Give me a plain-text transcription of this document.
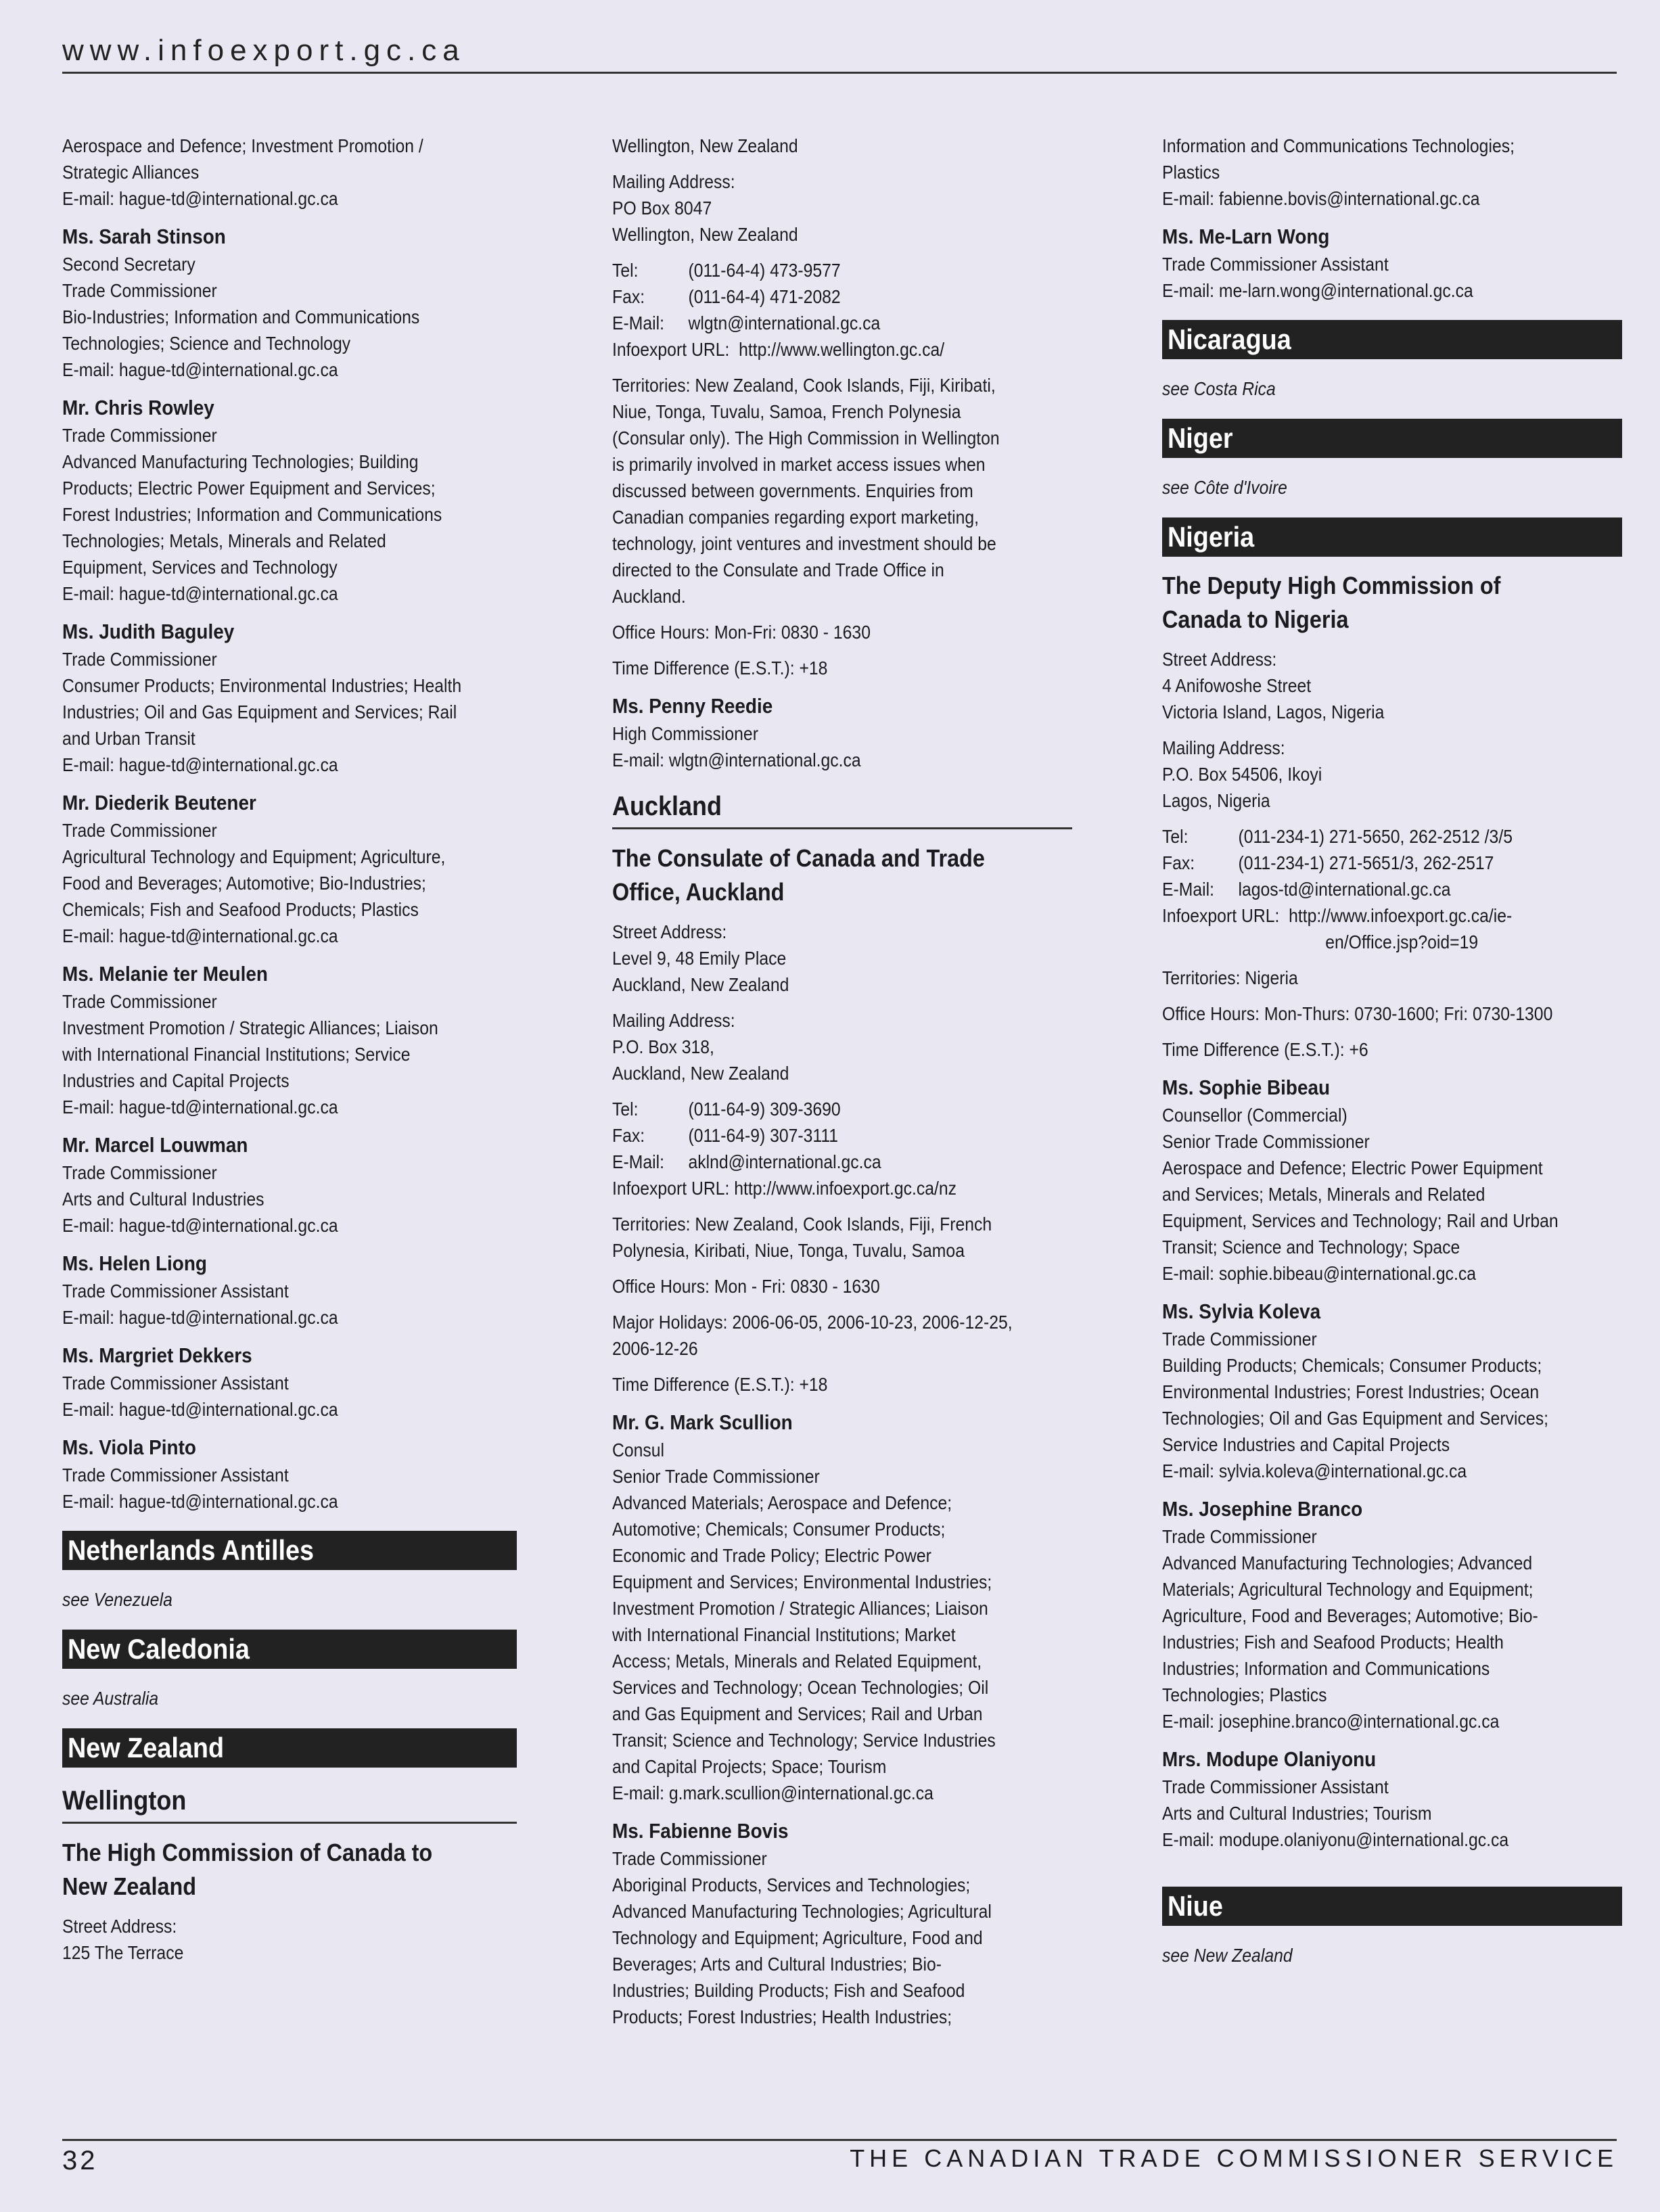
www.infoexport.gc.ca
Aerospace and Defence; Investment Promotion /
Strategic Alliances
E-mail: hague-td@international.gc.ca
Ms. Sarah Stinson
Second Secretary
Trade Commissioner
Bio-Industries; Information and Communications
Technologies; Science and Technology
E-mail: hague-td@international.gc.ca
Mr. Chris Rowley
Trade Commissioner
Advanced Manufacturing Technologies; Building
Products; Electric Power Equipment and Services;
Forest Industries; Information and Communications
Technologies; Metals, Minerals and Related
Equipment, Services and Technology
E-mail: hague-td@international.gc.ca
Ms. Judith Baguley
Trade Commissioner
Consumer Products; Environmental Industries; Health
Industries; Oil and Gas Equipment and Services; Rail
and Urban Transit
E-mail: hague-td@international.gc.ca
Mr. Diederik Beutener
Trade Commissioner
Agricultural Technology and Equipment; Agriculture,
Food and Beverages; Automotive; Bio-Industries;
Chemicals; Fish and Seafood Products; Plastics
E-mail: hague-td@international.gc.ca
Ms. Melanie ter Meulen
Trade Commissioner
Investment Promotion / Strategic Alliances; Liaison
with International Financial Institutions; Service
Industries and Capital Projects
E-mail: hague-td@international.gc.ca
Mr. Marcel Louwman
Trade Commissioner
Arts and Cultural Industries
E-mail: hague-td@international.gc.ca
Ms. Helen Liong
Trade Commissioner Assistant
E-mail: hague-td@international.gc.ca
Ms. Margriet Dekkers
Trade Commissioner Assistant
E-mail: hague-td@international.gc.ca
Ms. Viola Pinto
Trade Commissioner Assistant
E-mail: hague-td@international.gc.ca
Netherlands Antilles
see Venezuela
New Caledonia
see Australia
New Zealand
Wellington
The High Commission of Canada to
New Zealand
Street Address:
125 The Terrace
Wellington, New Zealand
Mailing Address:
PO Box 8047
Wellington, New Zealand
Tel:	(011-64-4) 473-9577
Fax: (011-64-4) 471-2082
E-Mail: wlgtn@international.gc.ca
Infoexport URL: http://www.wellington.gc.ca/
Territories: New Zealand, Cook Islands, Fiji, Kiribati,
Niue, Tonga, Tuvalu, Samoa, French Polynesia
(Consular only). The High Commission in Wellington
is primarily involved in market access issues when
discussed between governments. Enquiries from
Canadian companies regarding export marketing,
technology, joint ventures and investment should be
directed to the Consulate and Trade Office in
Auckland.
Office Hours: Mon-Fri: 0830 - 1630
Time Difference (E.S.T.): +18
Ms. Penny Reedie
High Commissioner
E-mail: wlgtn@international.gc.ca
Auckland
The Consulate of Canada and Trade
Office, Auckland
Street Address:
Level 9, 48 Emily Place
Auckland, New Zealand
Mailing Address:
P.O. Box 318,
Auckland, New Zealand
Tel:	(011-64-9) 309-3690
Fax: (011-64-9) 307-3111
E-Mail: aklnd@international.gc.ca
Infoexport URL: http://www.infoexport.gc.ca/nz
Territories: New Zealand, Cook Islands, Fiji, French
Polynesia, Kiribati, Niue, Tonga, Tuvalu, Samoa
Office Hours: Mon - Fri: 0830 - 1630
Major Holidays: 2006-06-05, 2006-10-23, 2006-12-25,
2006-12-26
Time Difference (E.S.T.): +18
Mr. G. Mark Scullion
Consul
Senior Trade Commissioner
Advanced Materials; Aerospace and Defence;
Automotive; Chemicals; Consumer Products;
Economic and Trade Policy; Electric Power
Equipment and Services; Environmental Industries;
Investment Promotion / Strategic Alliances; Liaison
with International Financial Institutions; Market
Access; Metals, Minerals and Related Equipment,
Services and Technology; Ocean Technologies; Oil
and Gas Equipment and Services; Rail and Urban
Transit; Science and Technology; Service Industries
and Capital Projects; Space; Tourism
E-mail: g.mark.scullion@international.gc.ca
Ms. Fabienne Bovis
Trade Commissioner
Aboriginal Products, Services and Technologies;
Advanced Manufacturing Technologies; Agricultural
Technology and Equipment; Agriculture, Food and
Beverages; Arts and Cultural Industries; Bio-
Industries; Building Products; Fish and Seafood
Products; Forest Industries; Health Industries;
Information and Communications Technologies;
Plastics
E-mail: fabienne.bovis@international.gc.ca
Ms. Me-Larn Wong
Trade Commissioner Assistant
E-mail: me-larn.wong@international.gc.ca
Nicaragua
see Costa Rica
Niger
see Côte d'Ivoire
Nigeria
The Deputy High Commission of
Canada to Nigeria
Street Address:
4 Anifowoshe Street
Victoria Island, Lagos, Nigeria
Mailing Address:
P.O. Box 54506, Ikoyi
Lagos, Nigeria
Tel:	(011-234-1) 271-5650, 262-2512 /3/5
Fax: (011-234-1) 271-5651/3, 262-2517
E-Mail: lagos-td@international.gc.ca
Infoexport URL: http://www.infoexport.gc.ca/ie-
en/Office.jsp?oid=19
Territories: Nigeria
Office Hours: Mon-Thurs: 0730-1600; Fri: 0730-1300
Time Difference (E.S.T.): +6
Ms. Sophie Bibeau
Counsellor (Commercial)
Senior Trade Commissioner
Aerospace and Defence; Electric Power Equipment
and Services; Metals, Minerals and Related
Equipment, Services and Technology; Rail and Urban
Transit; Science and Technology; Space
E-mail: sophie.bibeau@international.gc.ca
Ms. Sylvia Koleva
Trade Commissioner
Building Products; Chemicals; Consumer Products;
Environmental Industries; Forest Industries; Ocean
Technologies; Oil and Gas Equipment and Services;
Service Industries and Capital Projects
E-mail: sylvia.koleva@international.gc.ca
Ms. Josephine Branco
Trade Commissioner
Advanced Manufacturing Technologies; Advanced
Materials; Agricultural Technology and Equipment;
Agriculture, Food and Beverages; Automotive; Bio-
Industries; Fish and Seafood Products; Health
Industries; Information and Communications
Technologies; Plastics
E-mail: josephine.branco@international.gc.ca
Mrs. Modupe Olaniyonu
Trade Commissioner Assistant
Arts and Cultural Industries; Tourism
E-mail: modupe.olaniyonu@international.gc.ca
Niue
see New Zealand
32	THE CANADIAN TRADE COMMISSIONER SERVICE
